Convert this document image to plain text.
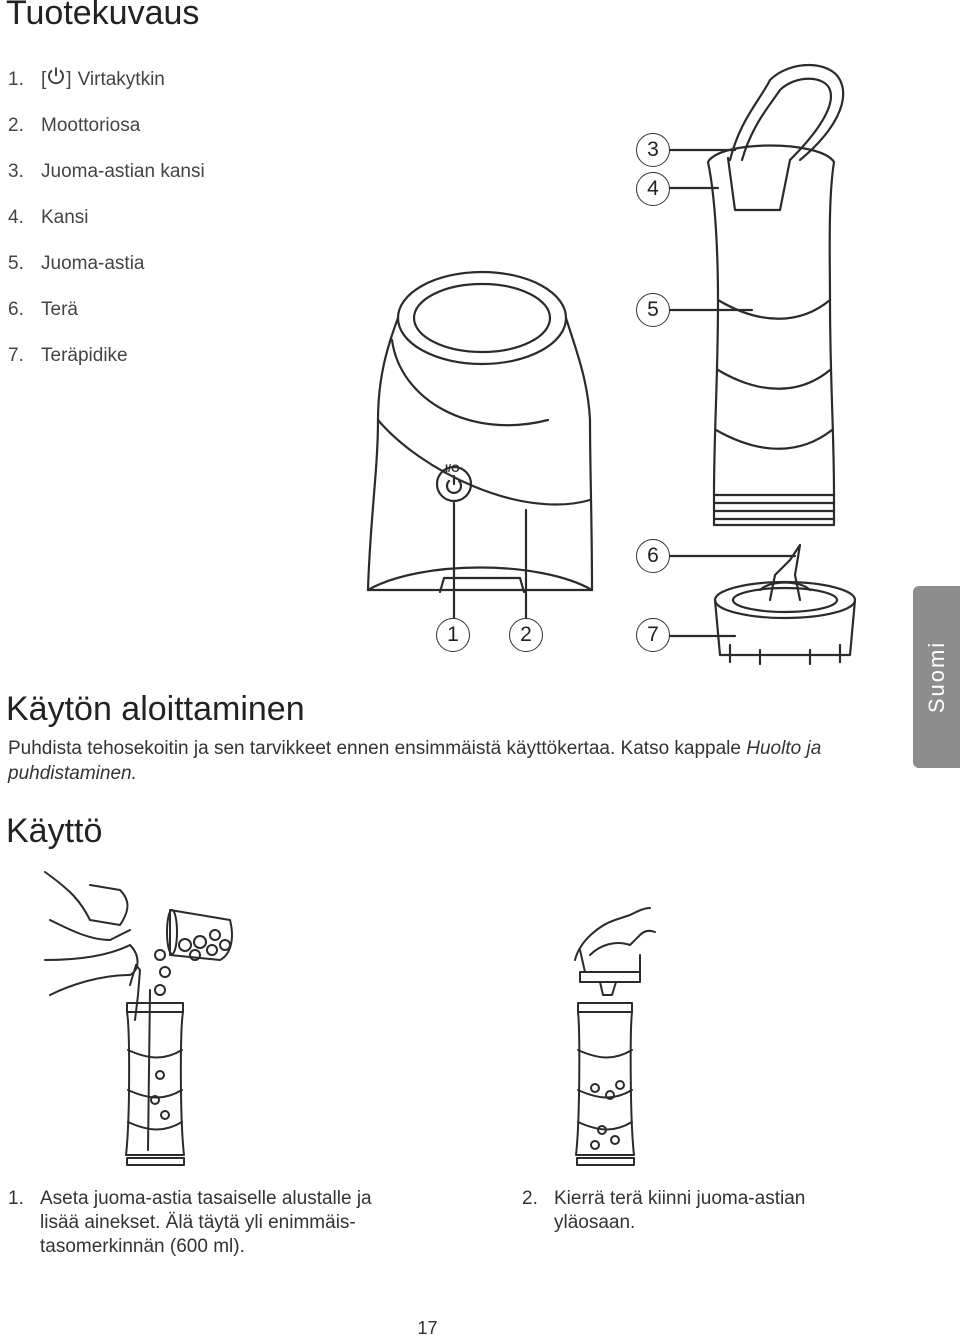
Tuotekuvaus
1. [ ] Virtakytkin
2. Moottoriosa
3. Juoma-astian kansi
4. Kansi
5. Juoma-astia
6. Terä
7. Teräpidike
I/O
1	2
3
4
5
6
7
Käytön aloittaminen

Puhdista tehosekoitin ja sen tarvikkeet ennen ensimmäistä käyttökertaa. Katso kappale Huolto ja puhdistaminen.

Suomi
Käyttö
1. Aseta juoma-astia tasaiselle alustalle ja lisää ainekset. Älä täytä yli enimmäis-tasomerkinnän (600 ml).
2. Kierrä terä kiinni juoma-astian yläosaan.
17
